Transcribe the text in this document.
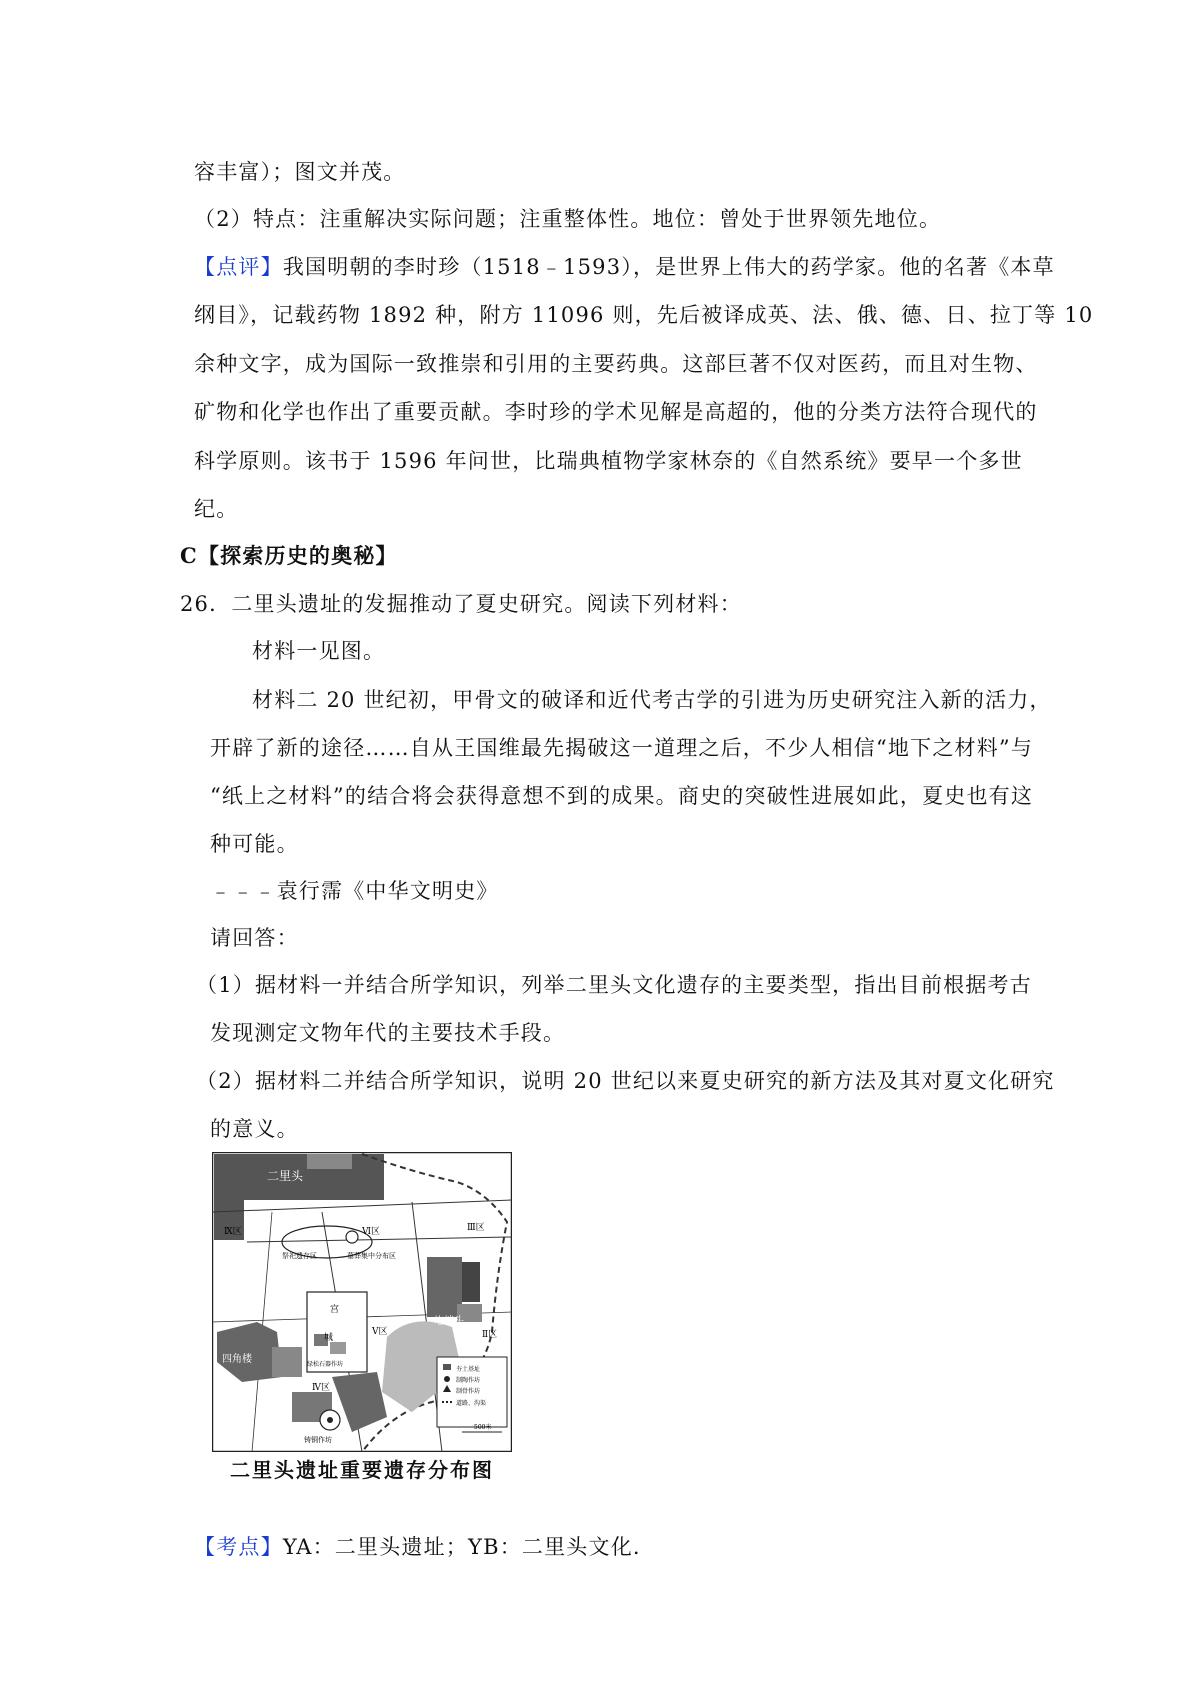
容丰富）；图文并茂。
（2）特点：注重解决实际问题；注重整体性。地位：曾处于世界领先地位。
【点评】我国明朝的李时珍（1518﹣1593），是世界上伟大的药学家。他的名著《本草
纲目》，记载药物 1892 种，附方 11096 则，先后被译成英、法、俄、德、日、拉丁等 10
余种文字，成为国际一致推崇和引用的主要药典。这部巨著不仅对医药，而且对生物、
矿物和化学也作出了重要贡献。李时珍的学术见解是高超的，他的分类方法符合现代的
科学原则。该书于 1596 年问世，比瑞典植物学家林奈的《自然系统》要早一个多世
纪。
C【探索历史的奥秘】
26．二里头遗址的发掘推动了夏史研究。阅读下列材料：
材料一见图。
材料二 20 世纪初，甲骨文的破译和近代考古学的引进为历史研究注入新的活力，
开辟了新的途径……自从王国维最先揭破这一道理之后，不少人相信“地下之材料”与
“纸上之材料”的结合将会获得意想不到的成果。商史的突破性进展如此，夏史也有这
种可能。
﹣﹣﹣袁行霈《中华文明史》
请回答：
（1）据材料一并结合所学知识，列举二里头文化遗存的主要类型，指出目前根据考古
发现测定文物年代的主要技术手段。
（2）据材料二并结合所学知识，说明 20 世纪以来夏史研究的新方法及其对夏文化研究
的意义。
二里头
Ⅸ区	Ⅵ区	Ⅲ区
祭祀遗存区	墓葬集中分布区
宫
城
Ⅴ区
圪垱头
Ⅱ区
四角楼	绿松石器作坊
Ⅳ区
铸铜作坊
夯土基址
制陶作坊
制骨作坊
道路、沟渠
500米
二里头遗址重要遗存分布图
【考点】YA：二里头遗址；YB：二里头文化.
